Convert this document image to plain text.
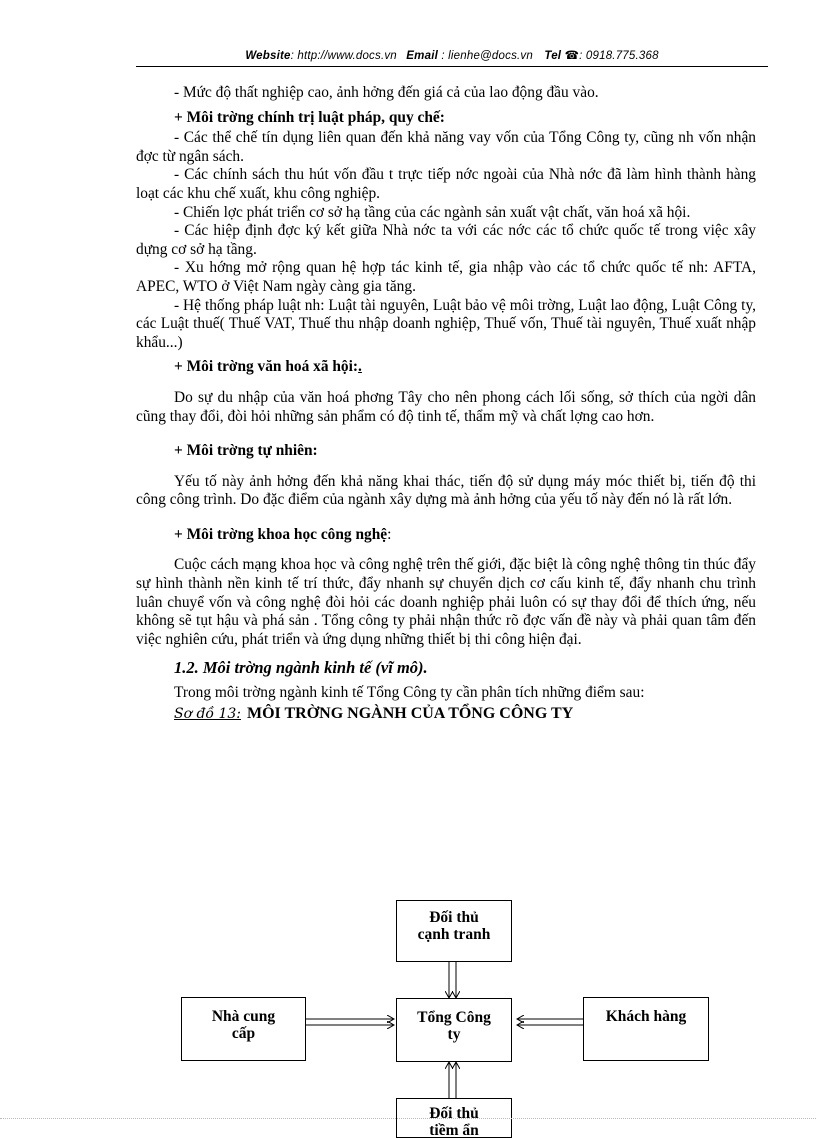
Website: http://www.docs.vn Email : lienhe@docs.vn Tel ☎: 0918.775.368

- Mức độ thất nghiệp cao, ảnh hởng đến giá cả của lao động đầu vào.

+ Môi trờng chính trị luật pháp, quy chế:

- Các thể chế tín dụng liên quan đến khả năng vay vốn của Tổng Công ty, cũng nh vốn nhận đợc từ ngân sách.

- Các chính sách thu hút vốn đầu t trực tiếp nớc ngoài của Nhà nớc đã làm hình thành hàng loạt các khu chế xuất, khu công nghiệp.

- Chiến lợc phát triển cơ sở hạ tầng của các ngành sản xuất vật chất, văn hoá xã hội.

- Các hiệp định đợc ký kết giữa Nhà nớc ta với các nớc các tổ chức quốc tế trong việc xây dựng cơ sở hạ tầng.

- Xu hớng mở rộng quan hệ hợp tác kinh tế, gia nhập vào các tổ chức quốc tế nh: AFTA, APEC, WTO ở Việt Nam ngày càng gia tăng.

- Hệ thống pháp luật nh: Luật tài nguyên, Luật bảo vệ môi trờng, Luật lao động, Luật Công ty, các Luật thuế( Thuế VAT, Thuế thu nhập doanh nghiệp, Thuế vốn, Thuế tài nguyên, Thuế xuất nhập khẩu...)

+ Môi trờng văn hoá xã hội:.

Do sự du nhập của văn hoá phơng Tây cho nên phong cách lối sống, sở thích của ngời dân cũng thay đổi, đòi hỏi những sản phẩm có độ tinh tế, thẩm mỹ và chất lợng cao hơn.

+ Môi trờng tự nhiên:

Yếu tố này ảnh hởng đến khả năng khai thác, tiến độ sử dụng máy móc thiết bị, tiến độ thi công công trình. Do đặc điểm của ngành xây dựng mà ảnh hởng của yếu tố này đến nó là rất lớn.

+ Môi trờng khoa học công nghệ:

Cuộc cách mạng khoa học và công nghệ trên thế giới, đặc biệt là công nghệ thông tin thúc đẩy sự hình thành nền kinh tế trí thức, đẩy nhanh sự chuyển dịch cơ cấu kinh tế, đẩy nhanh chu trình luân chuyể vốn và công nghệ đòi hỏi các doanh nghiệp phải luôn có sự thay đổi để thích ứng, nếu không sẽ tụt hậu và phá sản . Tổng công ty phải nhận thức rõ đợc vấn đề này và phải quan tâm đến việc nghiên cứu, phát triển và ứng dụng những thiết bị thi công hiện đại.

1.2. Môi trờng ngành kinh tế (vĩ mô).

Trong môi trờng ngành kinh tế Tổng Công ty cần phân tích những điểm sau:

Sơ đồ 13: MÔI TRỜNG NGÀNH CỦA TỔNG CÔNG TY

Đối thủ
cạnh tranh
Nhà cung
cấp
Tổng Công
ty
Khách hàng
Đối thủ
tiềm ẩn
